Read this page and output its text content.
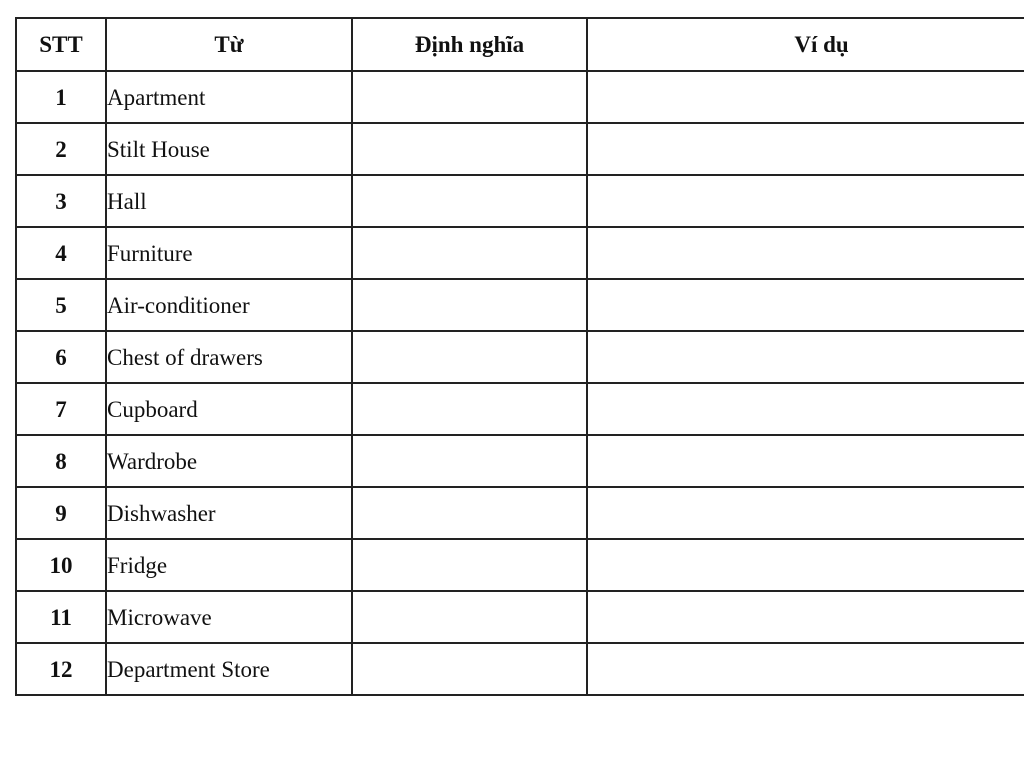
STT	Từ	Định nghĩa	Ví dụ
1	Apartment		
2	Stilt House		
3	Hall		
4	Furniture		
5	Air-conditioner		
6	Chest of drawers		
7	Cupboard		
8	Wardrobe		
9	Dishwasher		
10	Fridge		
11	Microwave		
12	Department Store		
